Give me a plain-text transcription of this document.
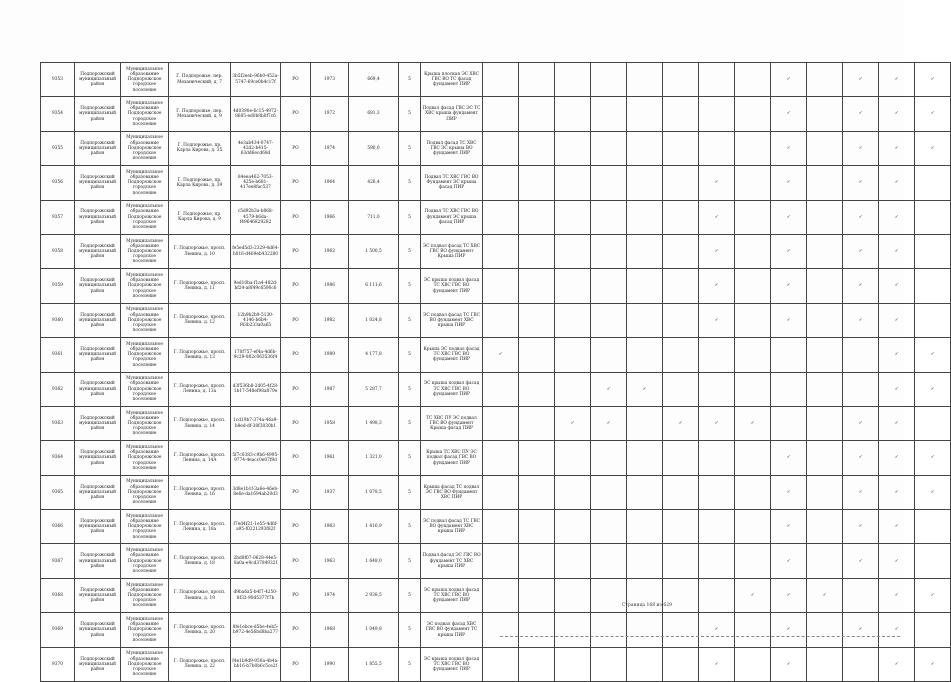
9353	Подпорожский муниципальный район	Муниципальное образование Подпорожское городское поселение	Г. Подпорожье, пер. Механический, д. 7	3b5f2eeb-96b0-452a-5747-69ce0b4c17f	РО	1973	669,4	5	Крыша плоская ЭС ХВС ГВС ВО ТС фасад фундамент ПИР									✓		✓	✓	✓
9354	Подпорожский муниципальный район	Муниципальное образование Подпорожское городское поселение	Г. Подпорожье, пер. Механический, д. 9	4d0390e-6c15-4972-8685-ed0b8b0f7c6	РО	1972	681,3	5	Подвал фасад ГВС ЭС ТС ХВС крыша фундамент ПИР									✓		✓	✓	✓
9355	Подпорожский муниципальный район	Муниципальное образование Подпорожское городское поселение	Г. Подпорожье, пр. Карла Кирова, д. 35	4e3ab434-0747-42d2-b415-63dd6ecd68d	РО	1974	590,0	5	Подвал фасад ТС ХВС ГВС ЭС крыша ВО фундамент ПИР									✓		✓	✓	✓
9356	Подпорожский муниципальный район	Муниципальное образование Подпорожское городское поселение	Г. Подпорожье, пр. Карла Кирова, д. 39	84eea462-7053-425e-b681-417ee8fac537	РО	1964	426,4	5	Подвал ТС ХВС ГВС ВО Фундамент ЭС крыша фасад ПИР							✓		✓		✓	✓	
9357	Подпорожский муниципальный район	Муниципальное образование Подпорожское городское поселение	Г. Подпорожье, пр. Карла Кирова, д. 9	c5d92b3a-b868-4579-b6da-f49646829282	РО	1966	711,0	5	Подвал ТС ХВС ГВС ВО фундамент ЭС крыша фасад ПИР							✓		✓		✓	✓	
9358	Подпорожский муниципальный район	Муниципальное образование Подпорожское городское поселение	Г. Подпорожье, просп. Ленина, д. 10	fe5ed5d3-2329-4d64-b016-d469eb432280	РО	1962	1 500,5	5	ЭС подвал фасад ТС ХВС ГВС ВО фундамент Крыша ПИР							✓		✓		✓	✓	
9359	Подпорожский муниципальный район	Муниципальное образование Подпорожское городское поселение	Г. Подпорожье, просп. Ленина, д. 11	9ed10ba-f1a4-482d-bf24-a8f49c6590c6	РО	1986	6 111,6	5	ЭС крыша подвал фасад ТС ХВС ГВС ВО фундамент ПИР							✓		✓		✓	✓	
9360	Подпорожский муниципальный район	Муниципальное образование Подпорожское городское поселение	Г. Подпорожье, просп. Ленина, д. 12	12b9b2b9-5130-4146-b6b4-f43b233a0a65	РО	1982	1 024,8	5	ЭС подвал фасад ТС ГВС ВО фундамент ХВС крыша ПИР							✓		✓		✓	✓	
9361	Подпорожский муниципальный район	Муниципальное образование Подпорожское городское поселение	Г. Подпорожье, просп. Ленина, д. 13	170f757-ef4a-4d6b-9c29-802c063536f4	РО	1989	4 177,8	5	Крыша ЭС подвал фасад ТС ХВС ГВС ВО фундамент ПИР	✓											✓	✓
9362	Подпорожский муниципальный район	Муниципальное образование Подпорожское городское поселение	Г. Подпорожье, просп. Ленина, д. 13а	d3f536b8-2d05-4f28-1b17-548ef98a879e	РО	1987	5 287,7	5	ЭС крыша подвал фасад ТС ХВС ГВС ВО фундамент ПИР				✓	✓							✓	✓
9363	Подпорожский муниципальный район	Муниципальное образование Подпорожское городское поселение	Г. Подпорожье, просп. Ленина, д. 14	1cd19b7-374a-46a9-b8ed-df-38f3030b1	РО	1958	1 498,3	5	ТС ХВС ПУ ЭС подвал ГВС ВО фундамент Крыша фасад ПИР			✓	✓		✓	✓	✓			✓	✓	
9364	Подпорожский муниципальный район	Муниципальное образование Подпорожское городское поселение	Г. Подпорожье, просп. Ленина, д. 14А	5f7c0383-c9b6-4995-9774-4eacc0e07f9d	РО	1961	1 321,0	5	Крыша ТС ХВС ПУ ЭС подвал фасад ГВС ВО фундамент ПИР									✓		✓	✓	✓
9365	Подпорожский муниципальный район	Муниципальное образование Подпорожское городское поселение	Г. Подпорожье, просп. Ленина, д. 16	3d8e1b1f-3a6e-46eb-8e6e-da1694ab20d3	РО	1937	1 078,5	5	Крыша фасад ТС подвал ЭС ГВС ВО Фундамент ХВС ПИР									✓		✓	✓	✓
9366	Подпорожский муниципальный район	Муниципальное образование Подпорожское городское поселение	Г. Подпорожье, просп. Ленина, д. 18а	f7ed4f21-1e55-4d6f-a95-f0221293f82f	РО	1963	1 416,9	5	ЭС подвал фасад ТС ГВС ВО фундамент ХВС крыша ПИР									✓		✓	✓	
9367	Подпорожский муниципальный район	Муниципальное образование Подпорожское городское поселение	Г. Подпорожье, просп. Ленина, д. 18	2bd8f07-0628-44e5-8a0a-e9cd3784932f	РО	1963	1 648,0	5	Подвал фасад ЭС ГВС ВО фундамент ТС ХВС крыша ПИР									✓		✓	✓	
9368	Подпорожский муниципальный район	Муниципальное образование Подпорожское городское поселение	Г. Подпорожье, просп. Ленина, д. 19	d9ba6a5-b4f7-4250-8f33-90d5377f7b	РО	1974	2 938,5	5	ЭС крыша подвал фасад ТС ХВС ГВС ВО фундамент ПИР								✓	✓	✓		✓	✓
9369	Подпорожский муниципальный район	Муниципальное образование Подпорожское городское поселение	Г. Подпорожье, просп. Ленина, д. 20	8fe1ebce-d5be-4eb5-b972-4e56bd8ba277	РО	1968	1 049,8	5	ЭС подвал фасад ХВС ГВС ВО фундамент ТС крыша ПИР							✓		✓		✓	✓	
9370	Подпорожский муниципальный район	Муниципальное образование Подпорожское городское поселение	Г. Подпорожье, просп. Ленина, д. 22	f4e1b9d9-950a-4b4a-bb16-b7b0b6c5ce2f	РО	1990	1 855,5	5	ЭС крыша подвал фасад ТС ХВС ГВС ВО фундамент ПИР							✓		✓			✓	✓
Страница 168 из 629
